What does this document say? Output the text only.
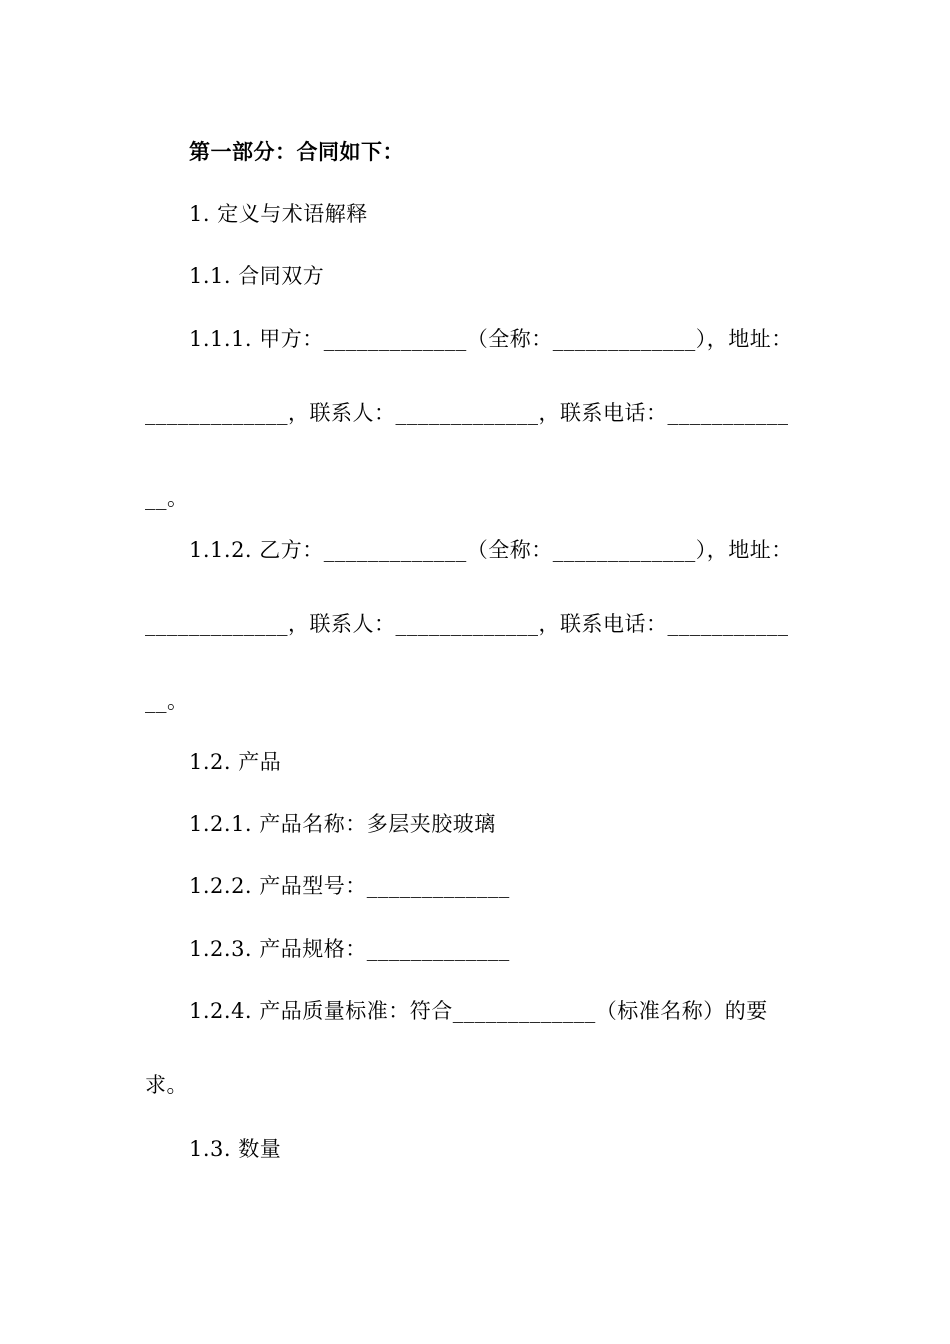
第一部分：合同如下：
1. 定义与术语解释
1.1. 合同双方
1.1.1. 甲方：_____________（全称：_____________），地址：
_____________，联系人：_____________，联系电话：___________
__。
1.1.2. 乙方：_____________（全称：_____________），地址：
_____________，联系人：_____________，联系电话：___________
__。
1.2. 产品
1.2.1. 产品名称：多层夹胶玻璃
1.2.2. 产品型号：_____________
1.2.3. 产品规格：_____________
1.2.4. 产品质量标准：符合_____________（标准名称）的要
求。
1.3. 数量
